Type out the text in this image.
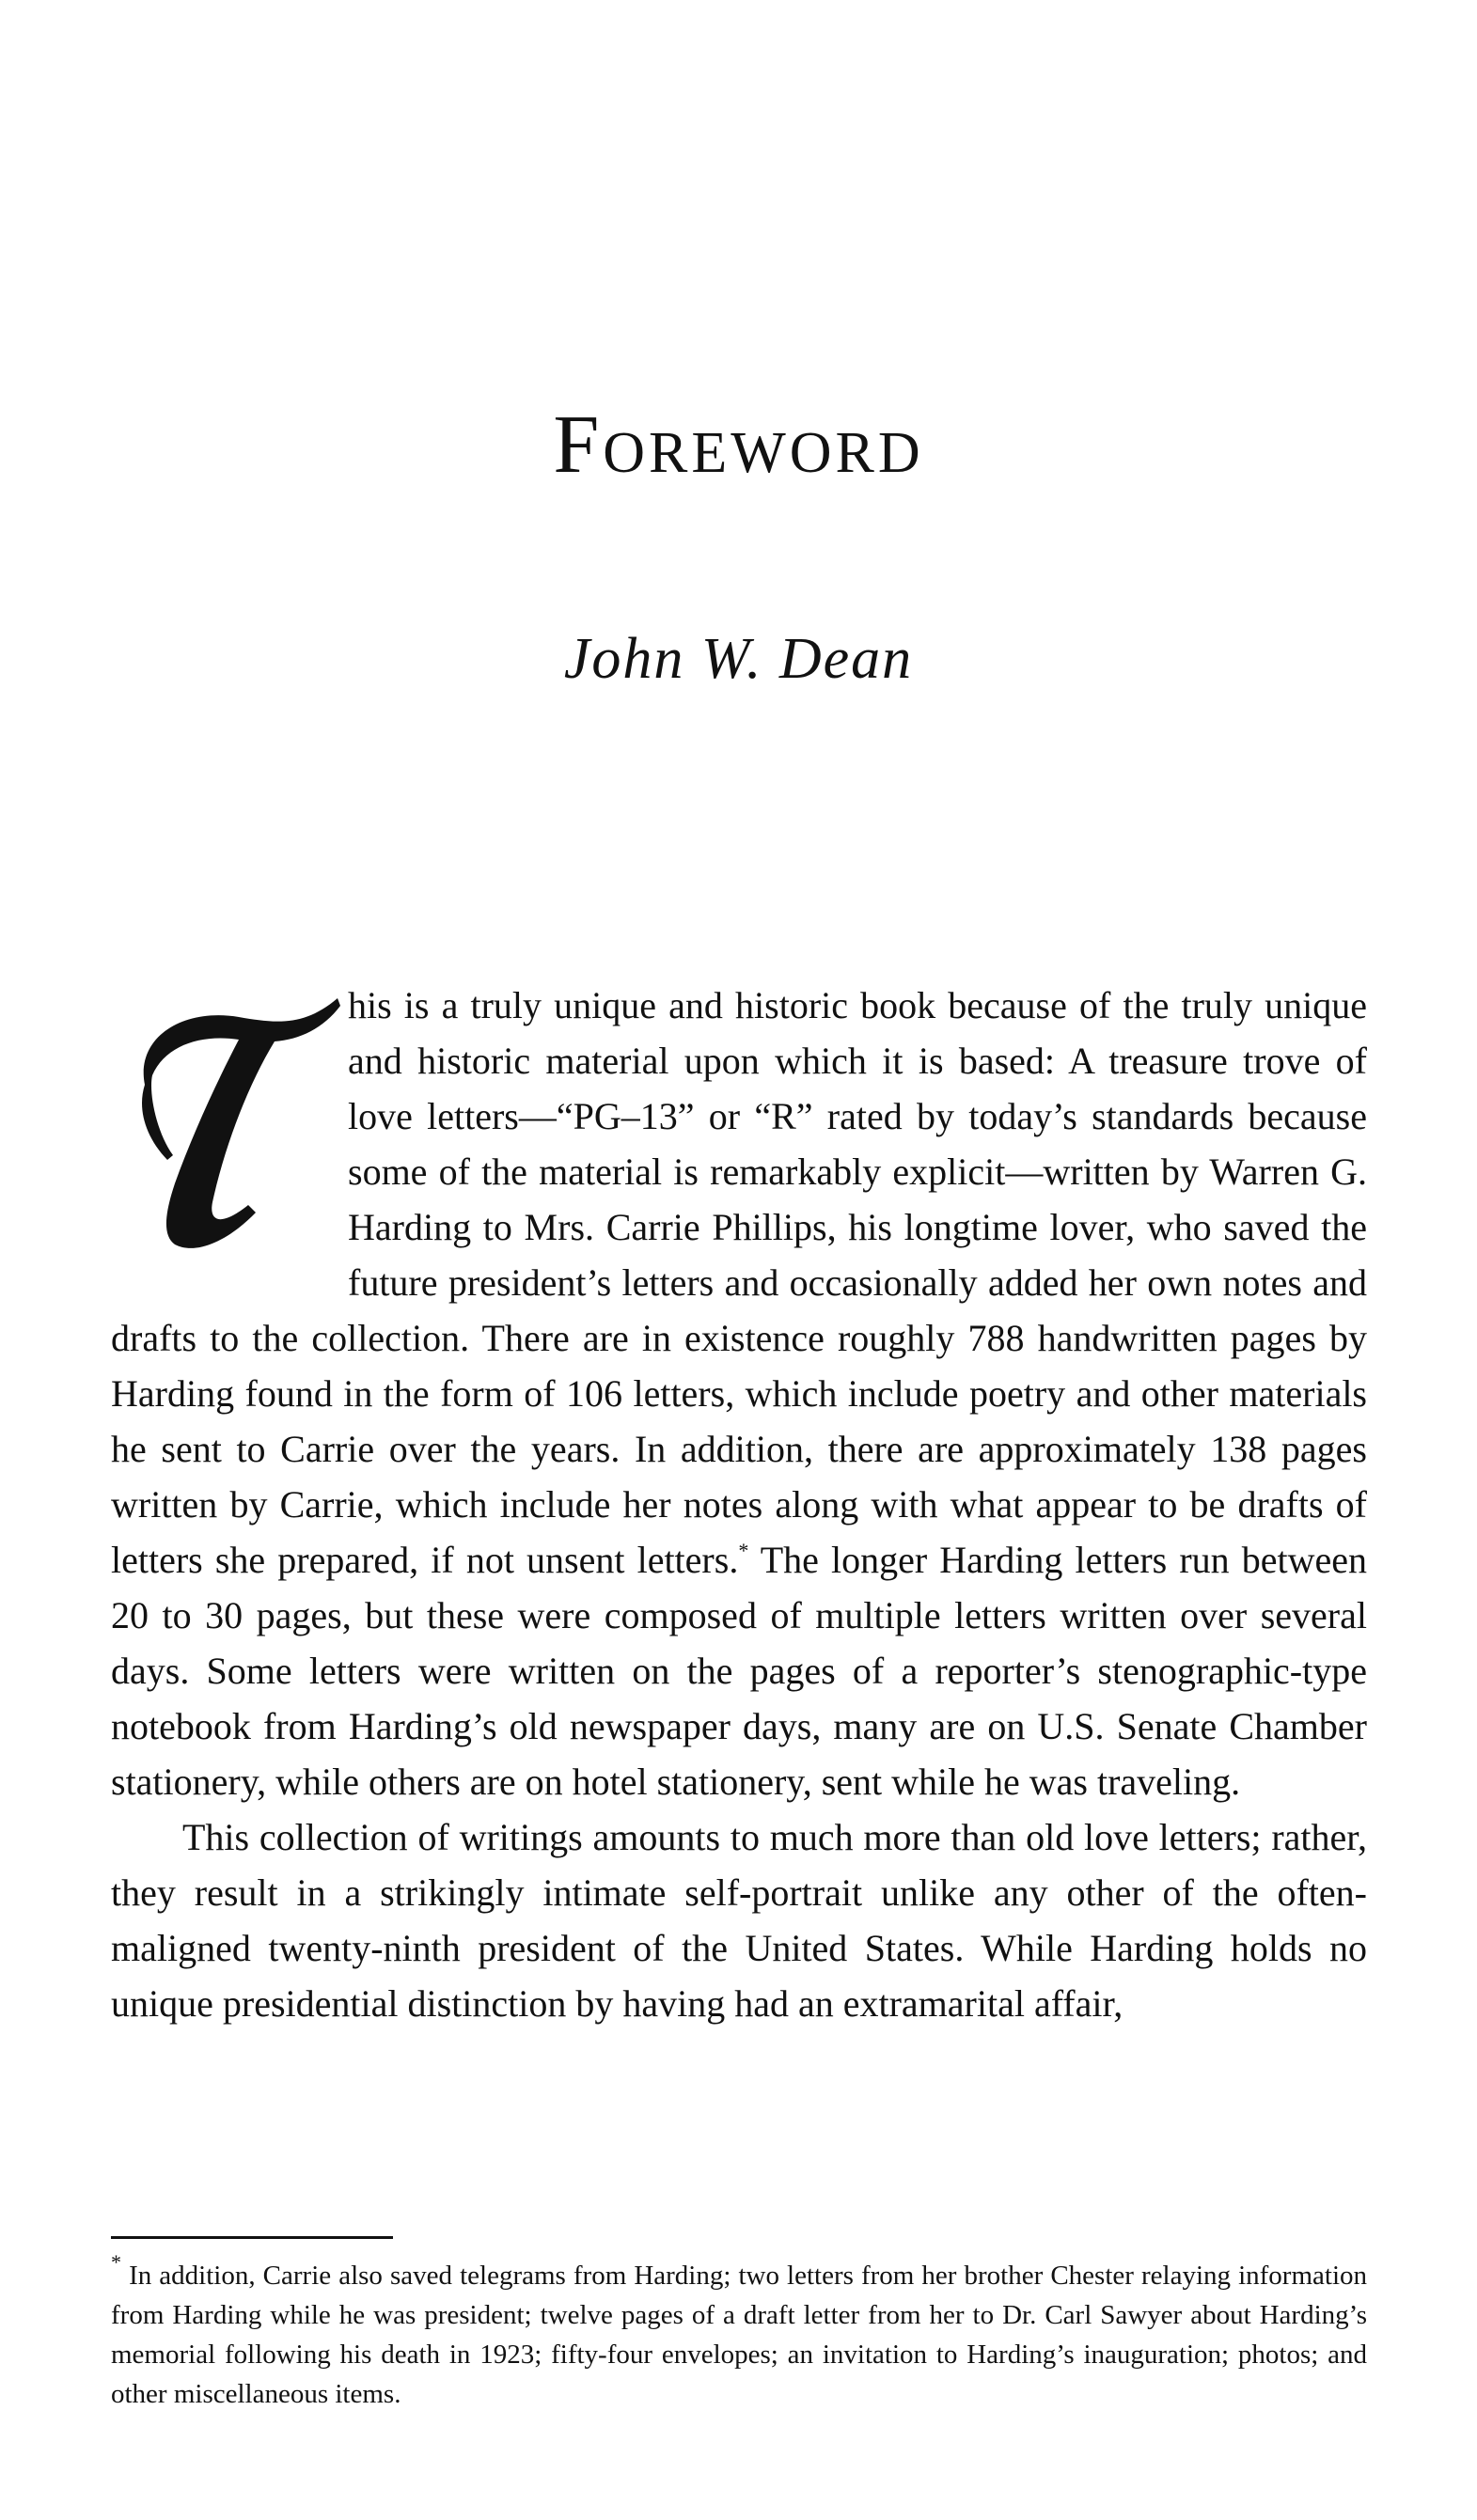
Foreword
John W. Dean

his is a truly unique and historic book because of the truly unique and historic material upon which it is based: A treasure trove of love letters—“PG–13” or “R” rated by today’s standards because some of the material is remarkably explicit—written by Warren G. Harding to Mrs. Carrie Phillips, his longtime lover, who saved the future president’s letters and occasionally added her own notes and drafts to the collection. There are in existence roughly 788 handwritten pages by Harding found in the form of 106 letters, which include poetry and other materials he sent to Carrie over the years. In addition, there are approximately 138 pages written by Carrie, which include her notes along with what appear to be drafts of letters she prepared, if not unsent letters.* The longer Harding letters run between 20 to 30 pages, but these were composed of multiple letters written over several days. Some letters were written on the pages of a reporter’s stenographic-type notebook from Harding’s old newspaper days, many are on U.S. Senate Chamber stationery, while others are on hotel stationery, sent while he was traveling.

This collection of writings amounts to much more than old love letters; rather, they result in a strikingly intimate self-portrait unlike any other of the often-maligned twenty-ninth president of the United States. While Harding holds no unique presidential distinction by having had an extramarital affair,

* In addition, Carrie also saved telegrams from Harding; two letters from her brother Chester relaying information from Harding while he was president; twelve pages of a draft letter from her to Dr. Carl Sawyer about Harding’s memorial following his death in 1923; fifty-four envelopes; an invitation to Harding’s inauguration; photos; and other miscellaneous items.
